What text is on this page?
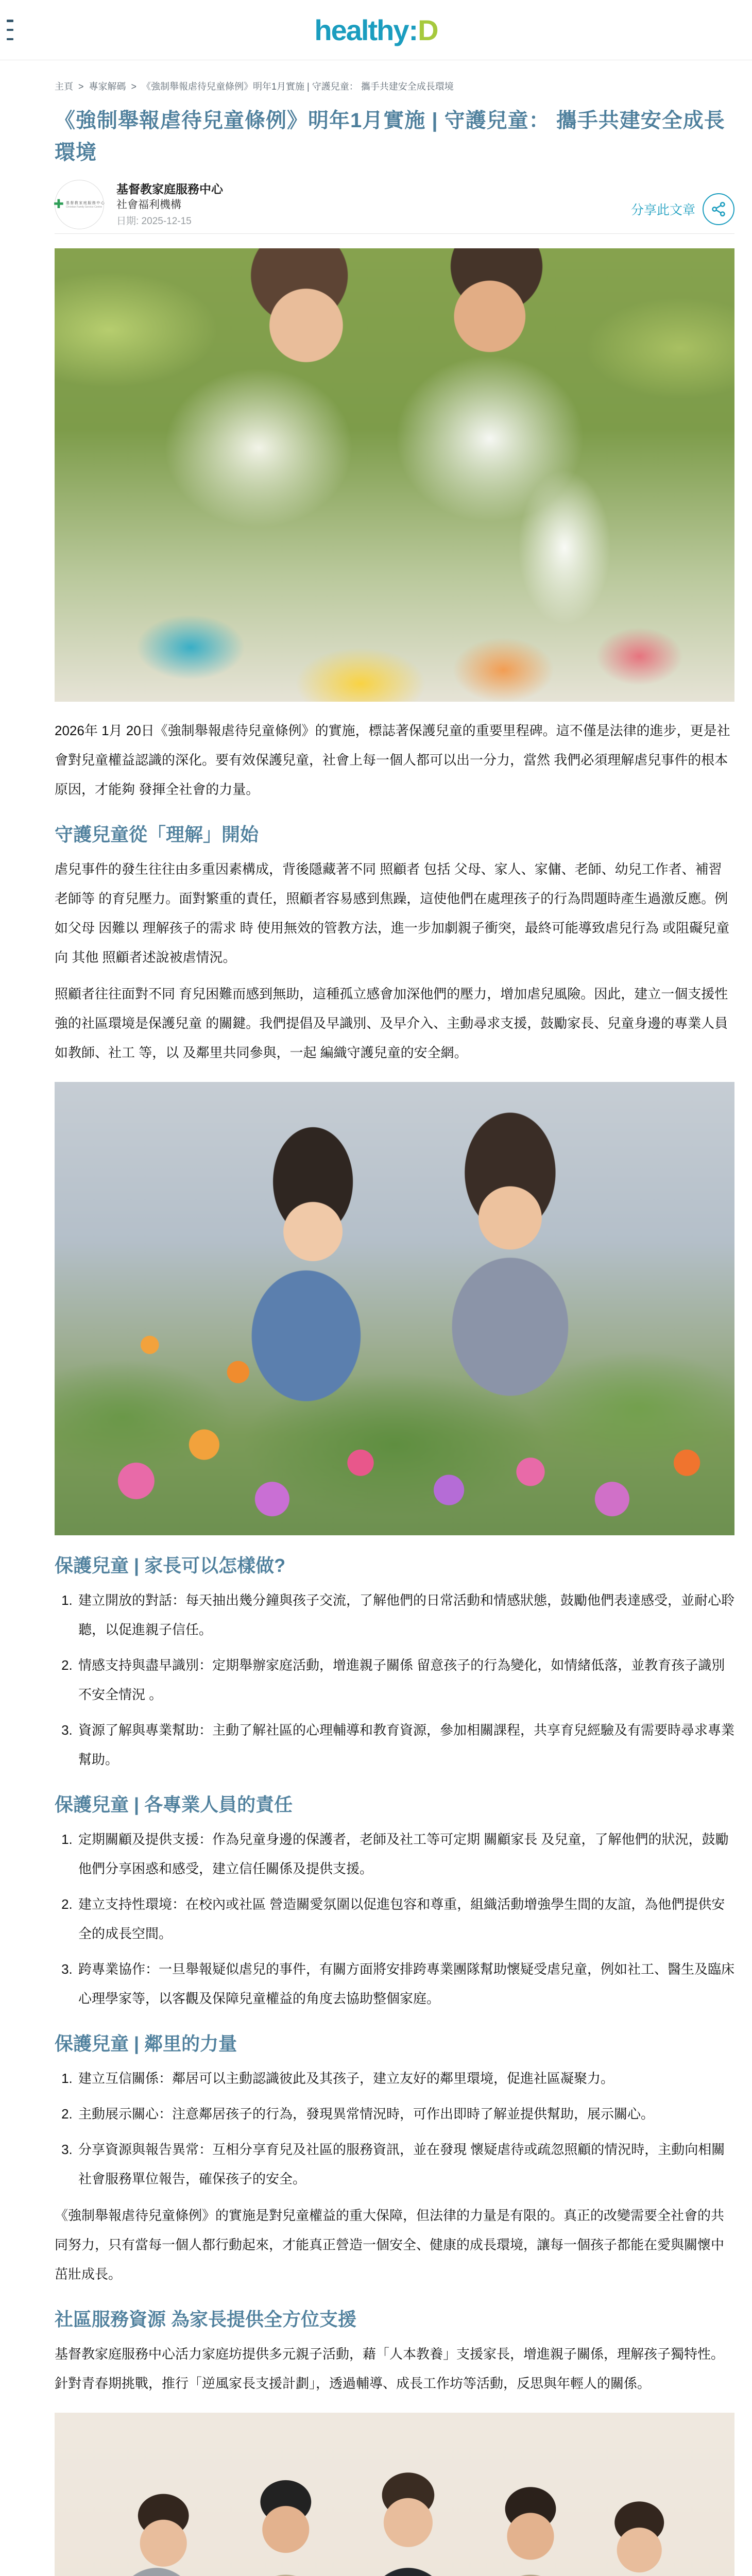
healthy : D
主頁 > 專家解碼 > 《強制舉報虐待兒童條例》明年1月實施 | 守護兒童： 攜手共建安全成長環境
《強制舉報虐待兒童條例》明年1月實施 | 守護兒童： 攜手共建安全成長環境
✚ 基督教家庭服務中心
Christian Family Service Centre
基督教家庭服務中心
社會福利機構
日期: 2025-12-15
分享此文章

2026年 1月 20日《強制舉報虐待兒童條例》的實施，標誌著保護兒童的重要里程碑。這不僅是法律的進步，更是社會對兒童權益認識的深化。要有效保護兒童，社會上每一個人都可以出一分力，當然 我們必須理解虐兒事件的根本原因，才能夠 發揮全社會的力量。

守護兒童從「理解」開始

虐兒事件的發生往往由多重因素構成，背後隱藏著不同 照顧者 包括 父母、家人、家傭、老師、幼兒工作者、補習老師等 的育兒壓力。面對繁重的責任，照顧者容易感到焦躁，這使他們在處理孩子的行為問題時產生過激反應。例如父母 因難以 理解孩子的需求 時 使用無效的管教方法，進一步加劇親子衝突，最終可能導致虐兒行為 或阻礙兒童向 其他 照顧者述說被虐情況。

照顧者往往面對不同 育兒困難而感到無助，這種孤立感會加深他們的壓力，增加虐兒風險。因此，建立一個支援性強的社區環境是保護兒童 的關鍵。我們提倡及早識別、及早介入、主動尋求支援，鼓勵家長、兒童身邊的專業人員如教師、社工 等，以 及鄰里共同參與，一起 編織守護兒童的安全網。

保護兒童 | 家長可以怎樣做?
1. 建立開放的對話：每天抽出幾分鐘與孩子交流，了解他們的日常活動和情感狀態，鼓勵他們表達感受，並耐心聆聽，以促進親子信任。
2. 情感支持與盡早識別：定期舉辦家庭活動，增進親子關係 留意孩子的行為變化，如情緒低落，並教育孩子識別不安全情況 。
3. 資源了解與專業幫助：主動了解社區的心理輔導和教育資源，參加相關課程，共享育兒經驗及有需要時尋求專業幫助。
保護兒童 | 各專業人員的責任
1. 定期關顧及提供支援：作為兒童身邊的保護者，老師及社工等可定期 關顧家長 及兒童，了解他們的狀況，鼓勵他們分享困惑和感受，建立信任關係及提供支援。
2. 建立支持性環境：在校內或社區 營造關愛氛圍以促進包容和尊重，組織活動增強學生間的友誼，為他們提供安全的成長空間。
3. 跨專業協作：一旦舉報疑似虐兒的事件，有關方面將安排跨專業團隊幫助懷疑受虐兒童，例如社工、醫生及臨床心理學家等，以客觀及保障兒童權益的角度去協助整個家庭。
保護兒童 | 鄰里的力量
1. 建立互信關係：鄰居可以主動認識彼此及其孩子，建立友好的鄰里環境，促進社區凝聚力。
2. 主動展示關心：注意鄰居孩子的行為，發現異常情況時，可作出即時了解並提供幫助，展示關心。
3. 分享資源與報告異常：互相分享育兒及社區的服務資訊，並在發現 懷疑虐待或疏忽照顧的情況時，主動向相關社會服務單位報告，確保孩子的安全。

《強制舉報虐待兒童條例》的實施是對兒童權益的重大保障，但法律的力量是有限的。真正的改變需要全社會的共同努力，只有當每一個人都行動起來，才能真正營造一個安全、健康的成長環境，讓每一個孩子都能在愛與關懷中茁壯成長。

社區服務資源 為家長提供全方位支援

基督教家庭服務中心活力家庭坊提供多元親子活動，藉「人本教養」支援家長，增進親子關係，理解孩子獨特性。針對青春期挑戰，推行「逆風家長支援計劃」，透過輔導、成長工作坊等活動，反思與年輕人的關係。
